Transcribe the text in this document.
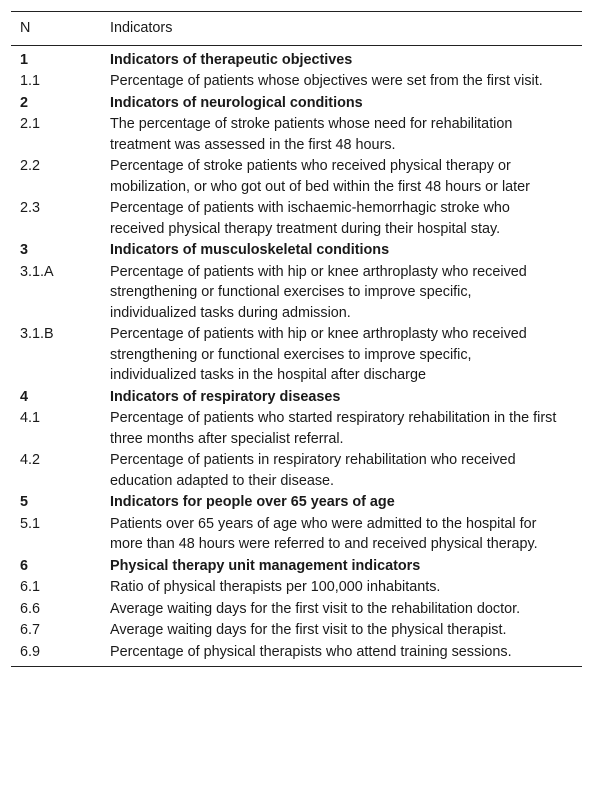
N	Indicators
1	Indicators of therapeutic objectives
1.1	Percentage of patients whose objectives were set from the first visit.
2	Indicators of neurological conditions
2.1	The percentage of stroke patients whose need for rehabilitation treatment was assessed in the first 48 hours.
2.2	Percentage of stroke patients who received physical therapy or mobilization, or who got out of bed within the first 48 hours or later
2.3	Percentage of patients with ischaemic-hemorrhagic stroke who received physical therapy treatment during their hospital stay.
3	Indicators of musculoskeletal conditions
3.1.A	Percentage of patients with hip or knee arthroplasty who received strengthening or functional exercises to improve specific, individualized tasks during admission.
3.1.B	Percentage of patients with hip or knee arthroplasty who received strengthening or functional exercises to improve specific, individualized tasks in the hospital after discharge
4	Indicators of respiratory diseases
4.1	Percentage of patients who started respiratory rehabilitation in the first three months after specialist referral.
4.2	Percentage of patients in respiratory rehabilitation who received education adapted to their disease.
5	Indicators for people over 65 years of age
5.1	Patients over 65 years of age who were admitted to the hospital for more than 48 hours were referred to and received physical therapy.
6	Physical therapy unit management indicators
6.1	Ratio of physical therapists per 100,000 inhabitants.
6.6	Average waiting days for the first visit to the rehabilitation doctor.
6.7	Average waiting days for the first visit to the physical therapist.
6.9	Percentage of physical therapists who attend training sessions.
